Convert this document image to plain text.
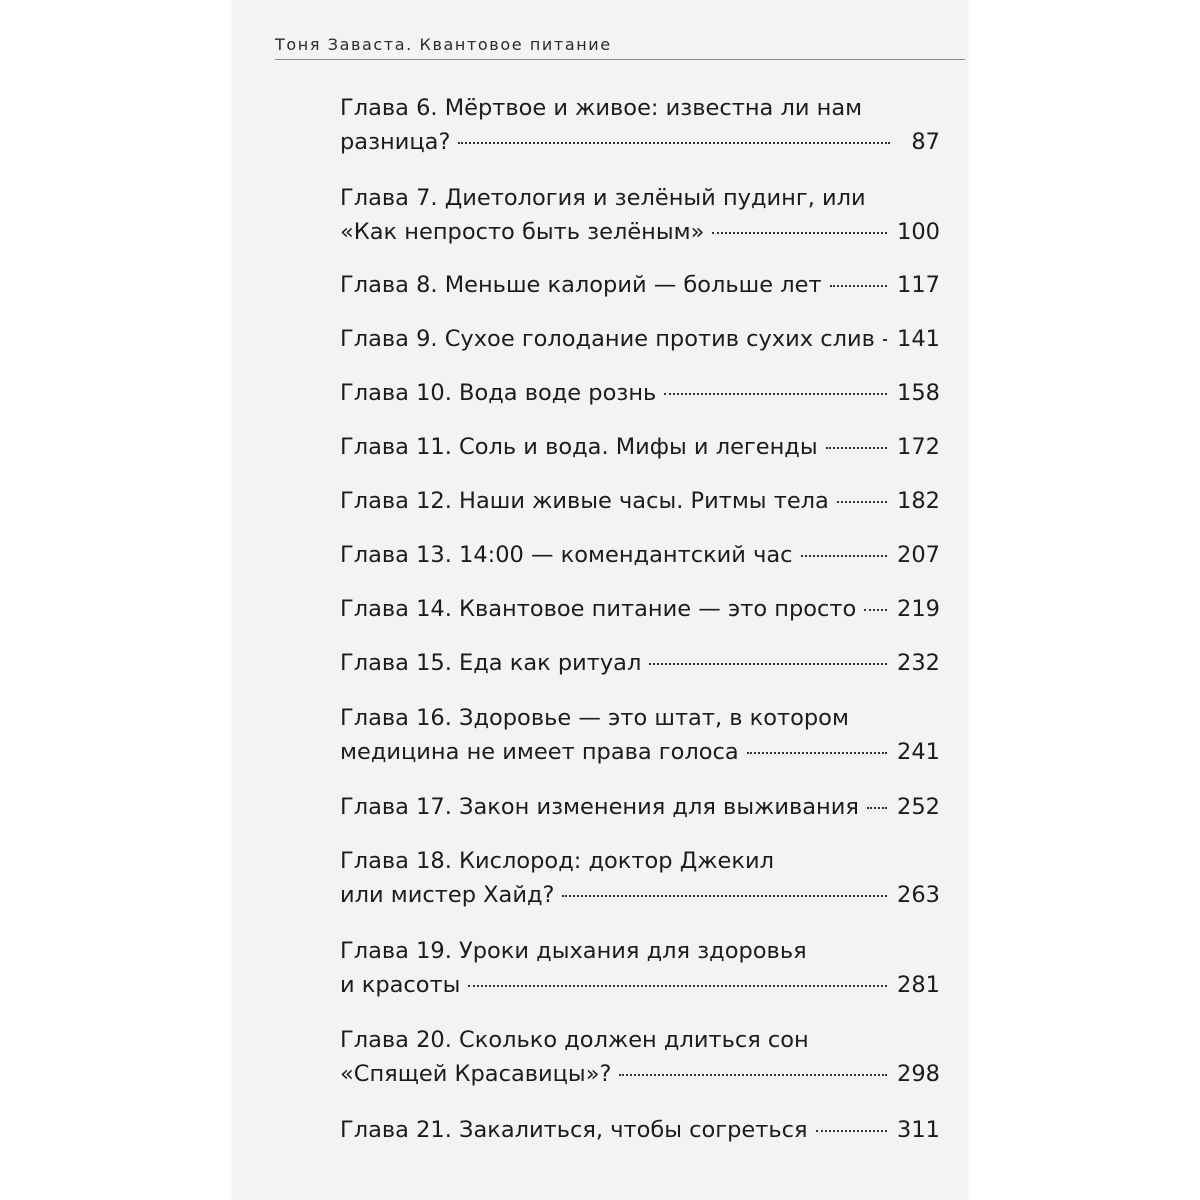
Тоня Заваста. Квантовое питание
Глава 6. Мёртвое и живое: известна ли нам
разница?	87
Глава 7. Диетология и зелёный пудинг, или
«Как непросто быть зелёным»	100
Глава 8. Меньше калорий — больше лет	117
Глава 9. Сухое голодание против сухих слив 141
Глава 10. Вода воде рознь	158
Глава 11. Соль и вода. Мифы и легенды	172
Глава 12. Наши живые часы. Ритмы тела	182
Глава 13. 14:00 — комендантский час	207
Глава 14. Квантовое питание — это просто 219
Глава 15. Еда как ритуал	232
Глава 16. Здоровье — это штат, в котором
медицина не имеет права голоса	241
Глава 17. Закон изменения для выживания 252
Глава 18. Кислород: доктор Джекил
или мистер Хайд?	263
Глава 19. Уроки дыхания для здоровья
и красоты	281
Глава 20. Сколько должен длиться сон
«Спящей Красавицы»?	298
Глава 21. Закалиться, чтобы согреться	311
